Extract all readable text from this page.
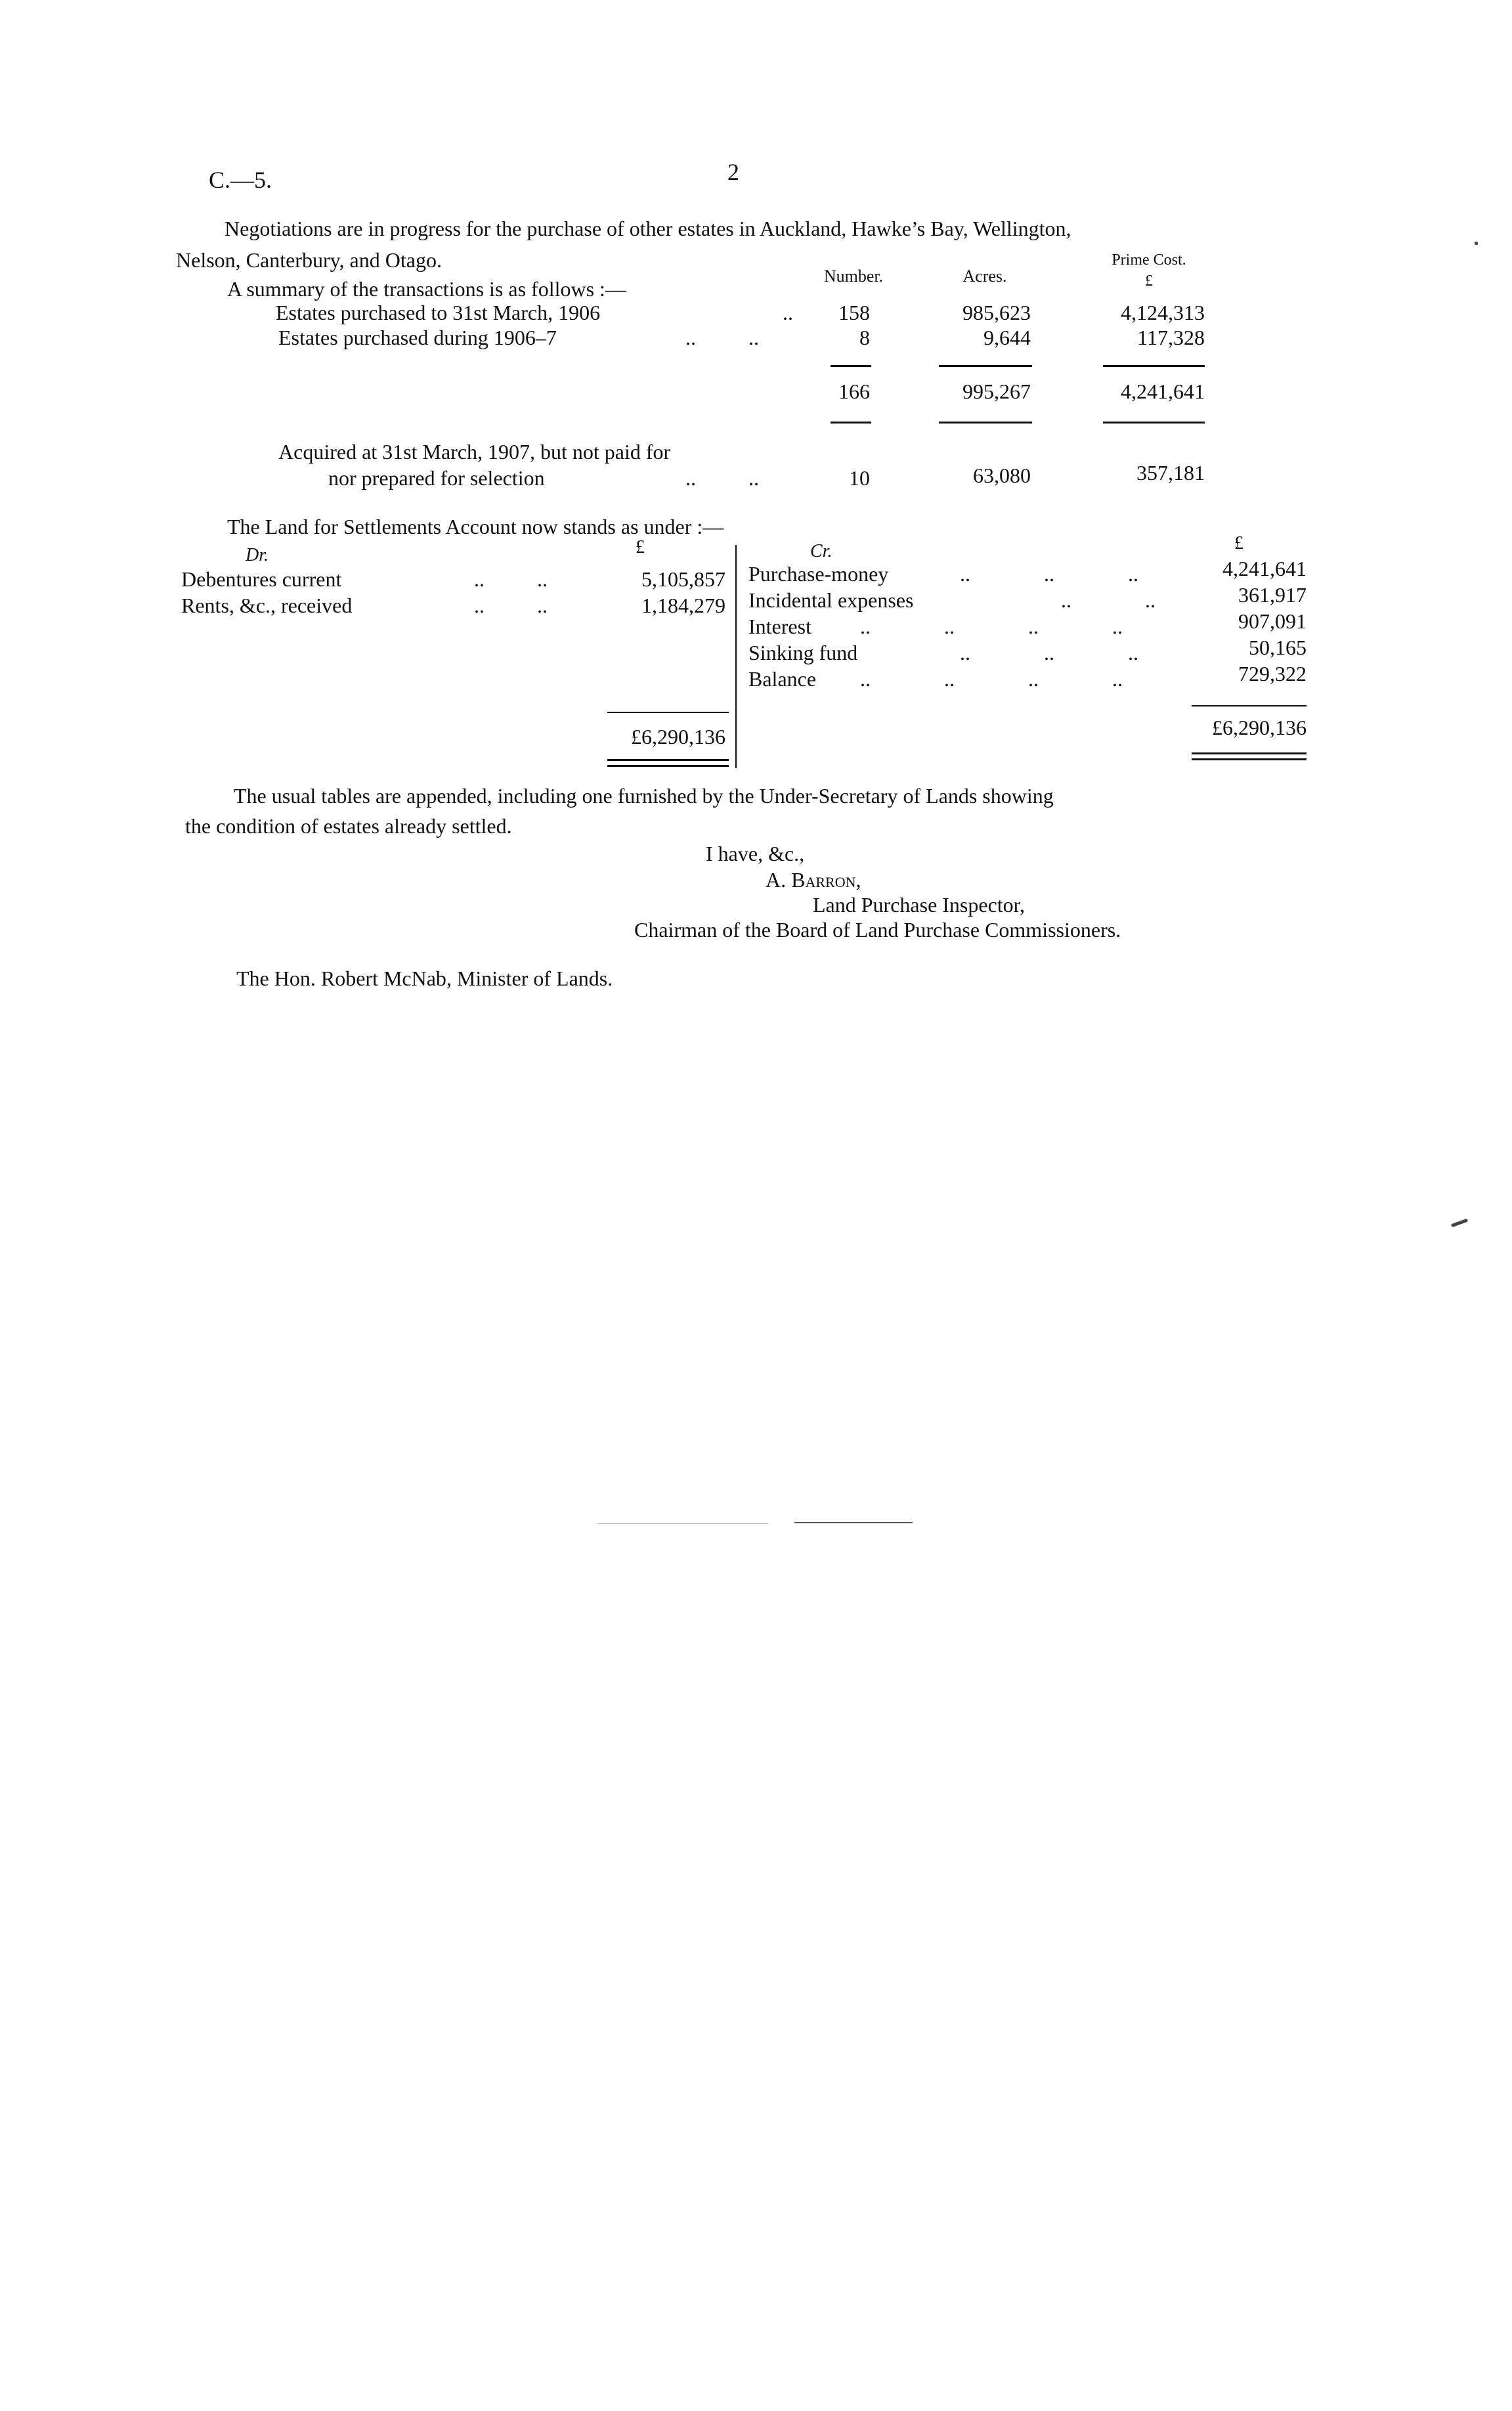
C.—5.	2
Negotiations are in progress for the purchase of other estates in Auckland, Hawke’s Bay, Wellington,
Nelson, Canterbury, and Otago.
A summary of the transactions is as follows :—
Number.	Acres.
Prime Cost.
£
Estates purchased to 31st March, 1906	..	158	985,623	4,124,313
Estates purchased during 1906–7	..          ..	8	9,644	117,328
166	995,267	4,241,641
Acquired at 31st March, 1907, but not paid for
nor prepared for selection	..          ..	10	63,080	357,181
The Land for Settlements Account now stands as under :—
Dr.	£	Cr.	£
Debentures current	..          ..	5,105,857
Rents, &c., received	..          ..	1,184,279
Purchase-money	..              ..              ..	4,241,641
Incidental expenses	..              ..	361,917
Interest ..              ..              ..              ..	907,091
Sinking fund	..              ..              ..	50,165
Balance ..              ..              ..              ..	729,322
£6,290,136	£6,290,136
The usual tables are appended, including one furnished by the Under-Secretary of Lands showing
the condition of estates already settled.
I have, &c.,
A. Barron,
Land Purchase Inspector,
Chairman of the Board of Land Purchase Commissioners.
The Hon. Robert McNab, Minister of Lands.
